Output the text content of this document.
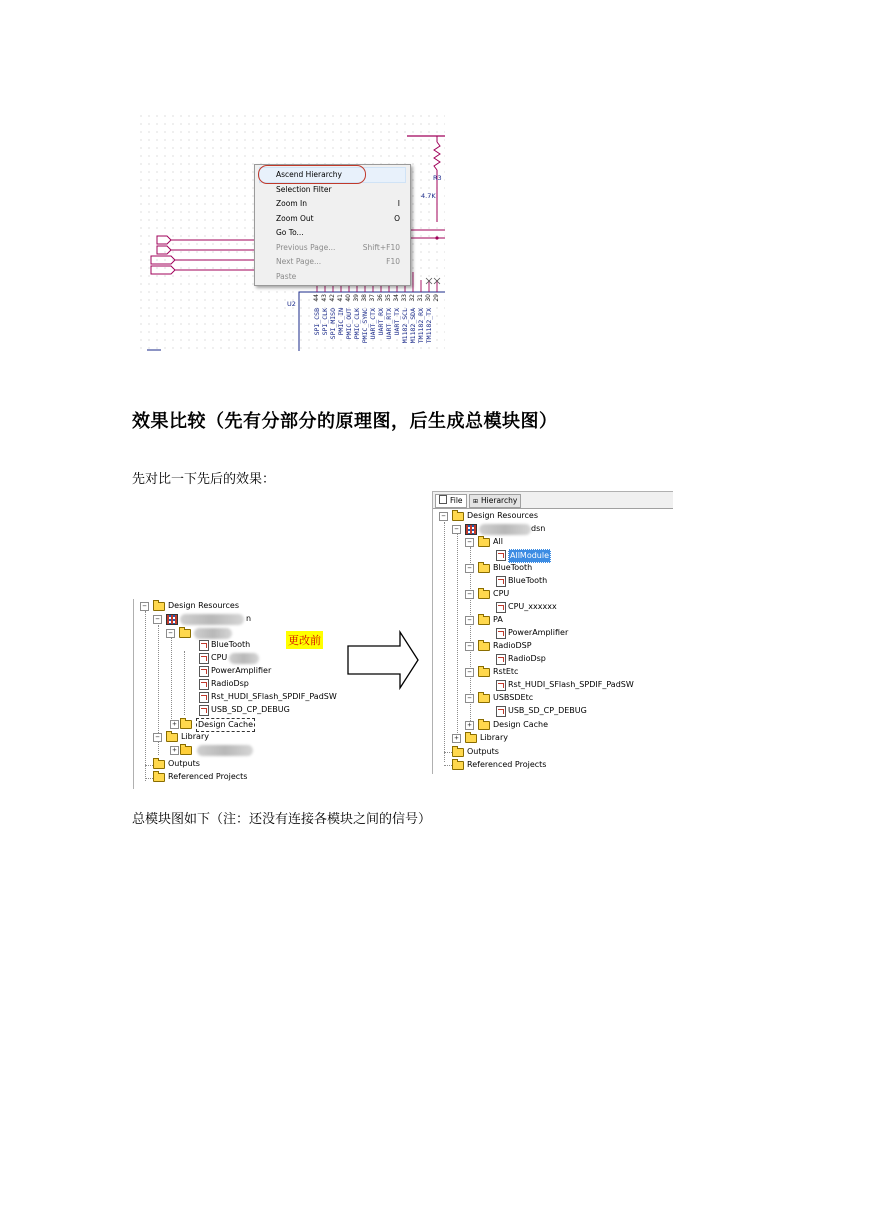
R3
4.7K
U2
44 43 42 41 40 39 38 37 36 35 34 33 32 31 30 29
SPI_CSB SPI_CLK SPI_MISO PMIC_IN PMIC_OUT PMIC_CLK PMIC_SYNC UART_CTX UART_RX UART_RTX UART_TX M1182_SCL M1182_SDA TM1182_RX TM1182_TX
Ascend Hierarchy
Selection Filter
Zoom In	I
Zoom Out	O
Go To...
Previous Page...	Shift+F10
Next Page...	F10
Paste
效果比较（先有分部分的原理图，后生成总模块图）
先对比一下先后的效果：
−	Design Resources
−	n
−
BlueTooth
CPU
PowerAmplifier
RadioDsp
Rst_HUDI_SFlash_SPDIF_PadSW
USB_SD_CP_DEBUG
+	Design Cache
−	Library
+
Outputs
Referenced Projects
更改前
File	⊞ Hierarchy
−	Design Resources
−	dsn
−	All
AllModule
−	BlueTooth
BlueTooth
−	CPU
CPU_xxxxxx
−	PA
PowerAmplifier
−	RadioDSP
RadioDsp
−	RstEtc
Rst_HUDI_SFlash_SPDIF_PadSW
−	USBSDEtc
USB_SD_CP_DEBUG
+	Design Cache
+	Library
Outputs
Referenced Projects
总模块图如下（注：还没有连接各模块之间的信号）
